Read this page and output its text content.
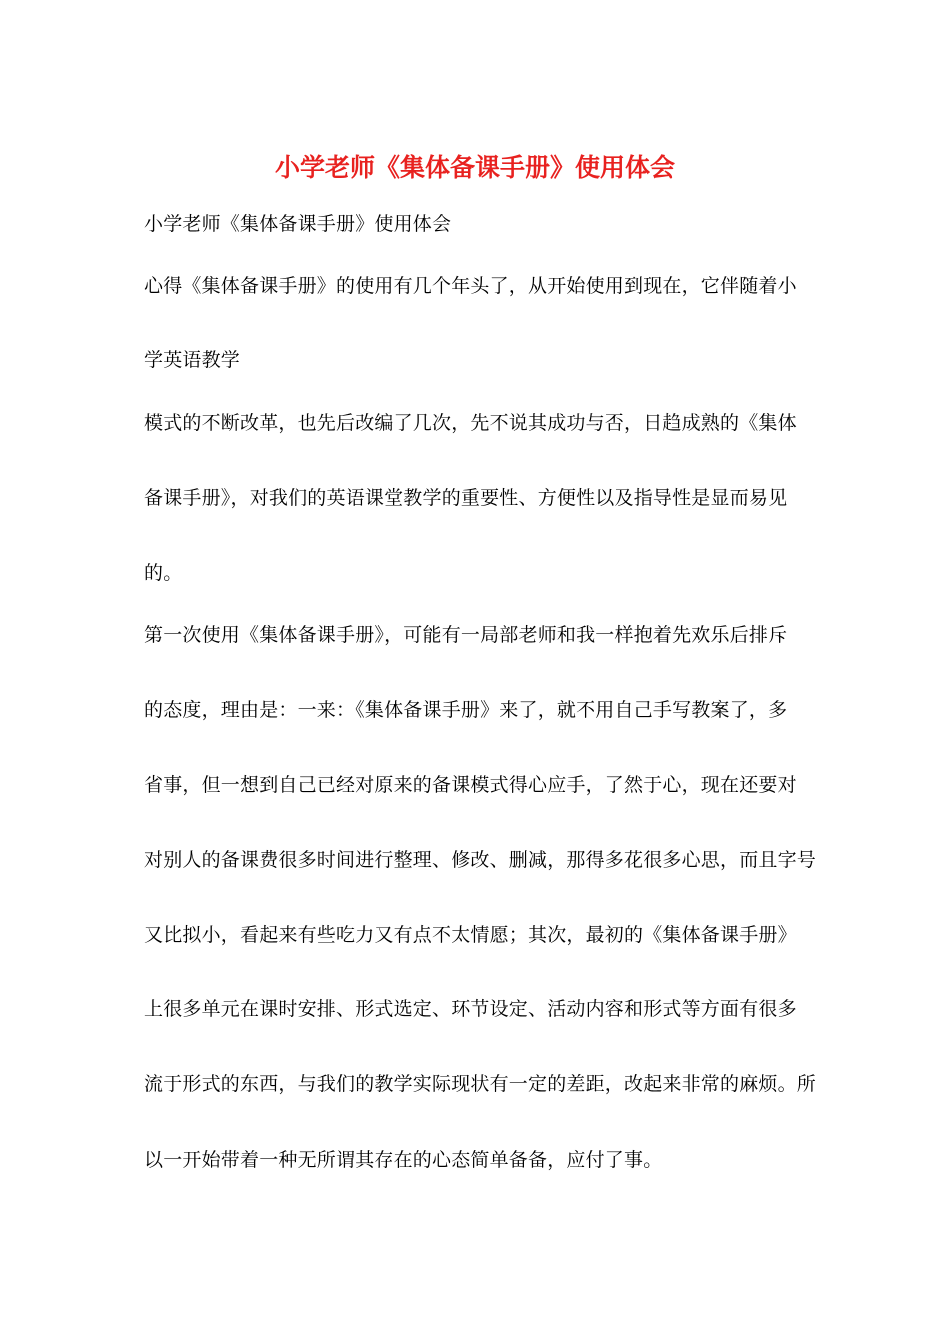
小学老师《集体备课手册》使用体会

小学老师《集体备课手册》使用体会

心得《集体备课手册》的使用有几个年头了，从开始使用到现在，它伴随着小

学英语教学

模式的不断改革，也先后改编了几次，先不说其成功与否，日趋成熟的《集体

备课手册》，对我们的英语课堂教学的重要性、方便性以及指导性是显而易见

的。

第一次使用《集体备课手册》，可能有一局部老师和我一样抱着先欢乐后排斥

的态度，理由是：一来：《集体备课手册》来了，就不用自己手写教案了，多

省事，但一想到自己已经对原来的备课模式得心应手，了然于心，现在还要对

对别人的备课费很多时间进行整理、修改、删减，那得多花很多心思，而且字号

又比拟小，看起来有些吃力又有点不太情愿；其次，最初的《集体备课手册》

上很多单元在课时安排、形式选定、环节设定、活动内容和形式等方面有很多

流于形式的东西，与我们的教学实际现状有一定的差距，改起来非常的麻烦。所

以一开始带着一种无所谓其存在的心态简单备备，应付了事。
